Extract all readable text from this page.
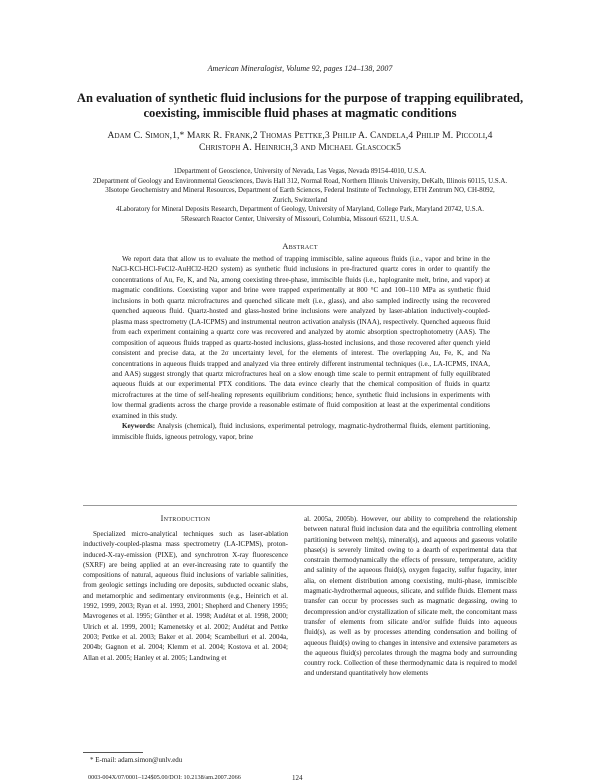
American Mineralogist, Volume 92, pages 124–138, 2007
An evaluation of synthetic fluid inclusions for the purpose of trapping equilibrated, coexisting, immiscible fluid phases at magmatic conditions
Adam C. Simon,1,* Mark R. Frank,2 Thomas Pettke,3 Philip A. Candela,4 Philip M. Piccoli,4
Christoph A. Heinrich,3 and Michael Glascock5
1Department of Geoscience, University of Nevada, Las Vegas, Nevada 89154-4010, U.S.A.
2Department of Geology and Environmental Geosciences, Davis Hall 312, Normal Road, Northern Illinois University, DeKalb, Illinois 60115, U.S.A.
3Isotope Geochemistry and Mineral Resources, Department of Earth Sciences, Federal Institute of Technology, ETH Zentrum NO, CH-8092,
Zurich, Switzerland
4Laboratory for Mineral Deposits Research, Department of Geology, University of Maryland, College Park, Maryland 20742, U.S.A.
5Research Reactor Center, University of Missouri, Columbia, Missouri 65211, U.S.A.
Abstract

We report data that allow us to evaluate the method of trapping immiscible, saline aqueous fluids (i.e., vapor and brine in the NaCl-KCl-HCl-FeCl2-AuHCl2-H2O system) as synthetic fluid inclusions in pre-fractured quartz cores in order to quantify the concentrations of Au, Fe, K, and Na, among coexisting three-phase, immiscible fluids (i.e., haplogranite melt, brine, and vapor) at magmatic conditions. Coexisting vapor and brine were trapped experimentally at 800 °C and 100–110 MPa as synthetic fluid inclusions in both quartz microfractures and quenched silicate melt (i.e., glass), and also sampled indirectly using the recovered quenched aqueous fluid. Quartz-hosted and glass-hosted brine inclusions were analyzed by laser-ablation inductively-coupled-plasma mass spectrometry (LA-ICPMS) and instrumental neutron activation analysis (INAA), respectively. Quenched aqueous fluid from each experiment containing a quartz core was recovered and analyzed by atomic absorption spectrophotometry (AAS). The composition of aqueous fluids trapped as quartz-hosted inclusions, glass-hosted inclusions, and those recovered after quench yield consistent and precise data, at the 2σ uncertainty level, for the elements of interest. The overlapping Au, Fe, K, and Na concentrations in aqueous fluids trapped and analyzed via three entirely different instrumental techniques (i.e., LA-ICPMS, INAA, and AAS) suggest strongly that quartz microfractures heal on a slow enough time scale to permit entrapment of fully equilibrated aqueous fluids at our experimental PTX conditions. The data evince clearly that the chemical composition of fluids in quartz microfractures at the time of self-healing represents equilibrium conditions; hence, synthetic fluid inclusions in experiments with low thermal gradients across the charge provide a reasonable estimate of fluid composition at least at the experimental conditions examined in this study.

Keywords: Analysis (chemical), fluid inclusions, experimental petrology, magmatic-hydrothermal fluids, element partitioning, immiscible fluids, igneous petrology, vapor, brine

Introduction

Specialized micro-analytical techniques such as laser-ablation inductively-coupled-plasma mass spectrometry (LA-ICPMS), proton-induced-X-ray-emission (PIXE), and synchrotron X-ray fluorescence (SXRF) are being applied at an ever-increasing rate to quantify the compositions of natural, aqueous fluid inclusions of variable salinities, from geologic settings including ore deposits, subducted oceanic slabs, and metamorphic and sedimentary environments (e.g., Heinrich et al. 1992, 1999, 2003; Ryan et al. 1993, 2001; Shepherd and Chenery 1995; Mavrogenes et al. 1995; Günther et al. 1998; Audétat et al. 1998, 2000; Ulrich et al. 1999, 2001; Kamenetsky et al. 2002; Audétat and Pettke 2003; Pettke et al. 2003; Baker et al. 2004; Scambelluri et al. 2004a, 2004b; Gagnon et al. 2004; Klemm et al. 2004; Kostova et al. 2004; Allan et al. 2005; Hanley et al. 2005; Landtwing et

al. 2005a, 2005b). However, our ability to comprehend the relationship between natural fluid inclusion data and the equilibria controlling element partitioning between melt(s), mineral(s), and aqueous and gaseous volatile phase(s) is severely limited owing to a dearth of experimental data that constrain thermodynamically the effects of pressure, temperature, acidity and salinity of the aqueous fluid(s), oxygen fugacity, sulfur fugacity, inter alia, on element distribution among coexisting, multi-phase, immiscible magmatic-hydrothermal aqueous, silicate, and sulfide fluids. Element mass transfer can occur by processes such as magmatic degassing, owing to decompression and/or crystallization of silicate melt, the concomitant mass transfer of elements from silicate and/or sulfide fluids into aqueous fluid(s), as well as by processes attending condensation and boiling of aqueous fluid(s) owing to changes in intensive and extensive parameters as the aqueous fluid(s) percolates through the magma body and surrounding country rock. Collection of these thermodynamic data is required to model and understand quantitatively how elements

* E-mail: adam.simon@unlv.edu
0003-004X/07/0001–124$05.00/DOI: 10.2138/am.2007.2066	124
